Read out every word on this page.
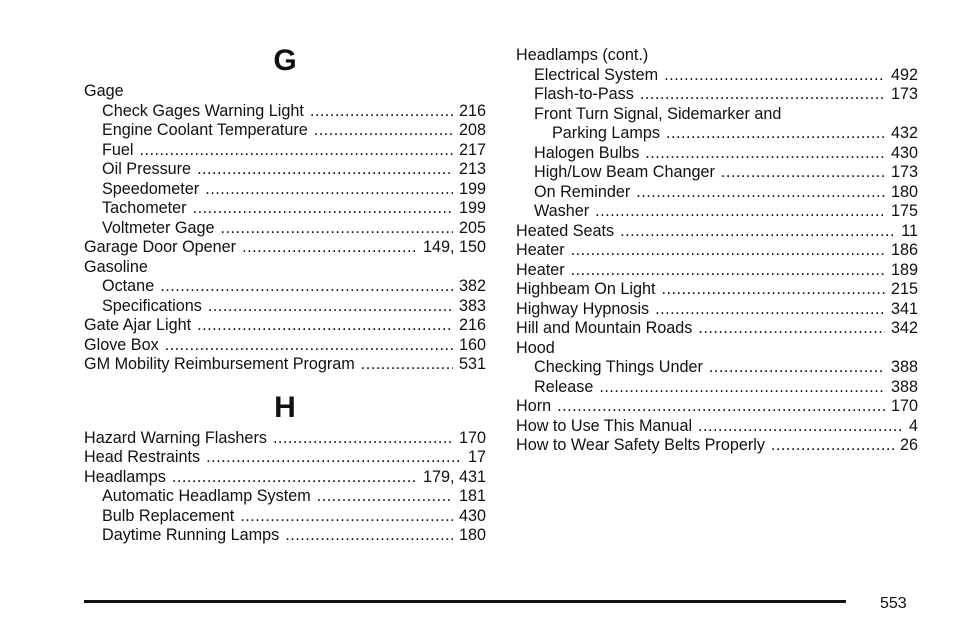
G
Gage
Check Gages Warning Light .....	216
Engine Coolant Temperature .....	208
Fuel .....	217
Oil Pressure .....	213
Speedometer .....	199
Tachometer .....	199
Voltmeter Gage .....	205
Garage Door Opener .....	149, 150
Gasoline
Octane .....	382
Specifications .....	383
Gate Ajar Light .....	216
Glove Box .....	160
GM Mobility Reimbursement Program .....	531
H
Hazard Warning Flashers .....	170
Head Restraints .....	17
Headlamps .....	179, 431
Automatic Headlamp System .....	181
Bulb Replacement .....	430
Daytime Running Lamps .....	180
Headlamps (cont.)
Electrical System .....	492
Flash-to-Pass .....	173
Front Turn Signal, Sidemarker and
Parking Lamps .....	432
Halogen Bulbs .....	430
High/Low Beam Changer .....	173
On Reminder .....	180
Washer .....	175
Heated Seats .....	11
Heater .....	186
Heater .....	189
Highbeam On Light .....	215
Highway Hypnosis .....	341
Hill and Mountain Roads .....	342
Hood
Checking Things Under .....	388
Release .....	388
Horn .....	170
How to Use This Manual .....	4
How to Wear Safety Belts Properly .....	26
553
